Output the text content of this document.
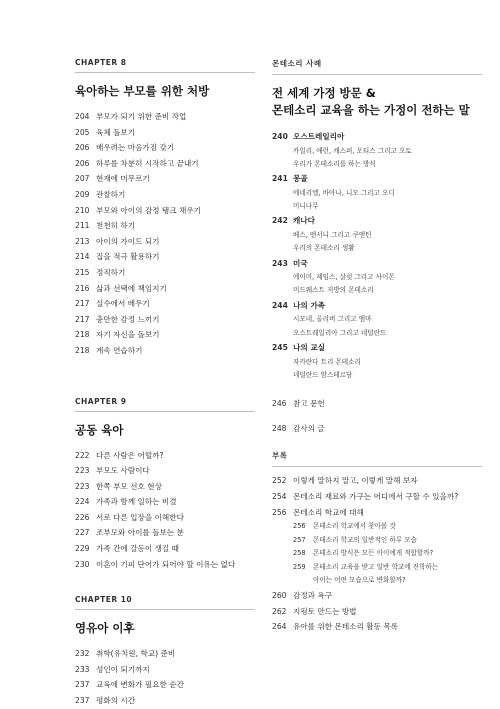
CHAPTER 8
육아하는 부모를 위한 처방
204 부모가 되기 위한 준비 작업
205 육체 돌보기
206 배우려는 마음가짐 갖기
206 하루를 차분히 시작하고 끝내기
207 현재에 머무르기
209 관찰하기
210 부모와 아이의 감정 탱크 채우기
211 천천히 하기
213 아이의 가이드 되기
214 집을 적극 활용하기
215 정직하기
216 삶과 선택에 책임지기
217 실수에서 배우기
217 충만한 감정 느끼기
218 자기 자신을 돌보기
218 계속 연습하기
CHAPTER 9
공동 육아
222 다른 사람은 어떨까?
223 부모도 사람이다
223 한쪽 부모 선호 현상
224 가족과 함께 일하는 비결
226 서로 다른 입장을 이해한다
227 조부모와 아이를 돌보는 분
229 가족 간에 갈등이 생길 때
230 이혼이 기피 단어가 되어야 할 이유는 없다
CHAPTER 10
영유아 이후
232 취학(유치원, 학교) 준비
233 성인이 되기까지
237 교육에 변화가 필요한 순간
237 평화의 시간
몬테소리 사례
전 세계 가정 방문 &
몬테소리 교육을 하는 가정이 전하는 말
240 오스트레일리아
카일리, 애런, 캐스퍼, 오티스 그리고 오토
우리가 몬테소리를 하는 방식
241 몽골
에네리엘, 바아나, 니모 그리고 오디
미니나무
242 캐나다
베스, 앤서니 그리고 쿠엔틴
우리의 몬테소리 생활
243 미국
에이미, 제임스, 살럿 그리고 사이몬
미드웨스트 지방의 몬테소리
244 나의 가족
시모네, 올리버 그리고 엠마
오스트레일리아 그리고 네덜란드
245 나의 교실
자카란다 트리 몬테소리
네덜란드 암스테르담
246 참고 문헌
248 감사의 글
부록
252 이렇게 말하지 말고, 이렇게 말해 보자
254 몬테소리 재료와 가구는 어디에서 구할 수 있을까?
256 몬테소리 학교에 대해
256	몬테소리 학교에서 찾아볼 것
257	몬테소리 학교의 일반적인 하루 모습
258	몬테소리 방식은 모든 아이에게 적합할까?
259	몬테소리 교육을 받고 일반 학교에 진학하는
아이는 어떤 모습으로 변화할까?
260 감정과 욕구
262 지펑토 만드는 방법
264 유아를 위한 몬테소리 활동 목록
